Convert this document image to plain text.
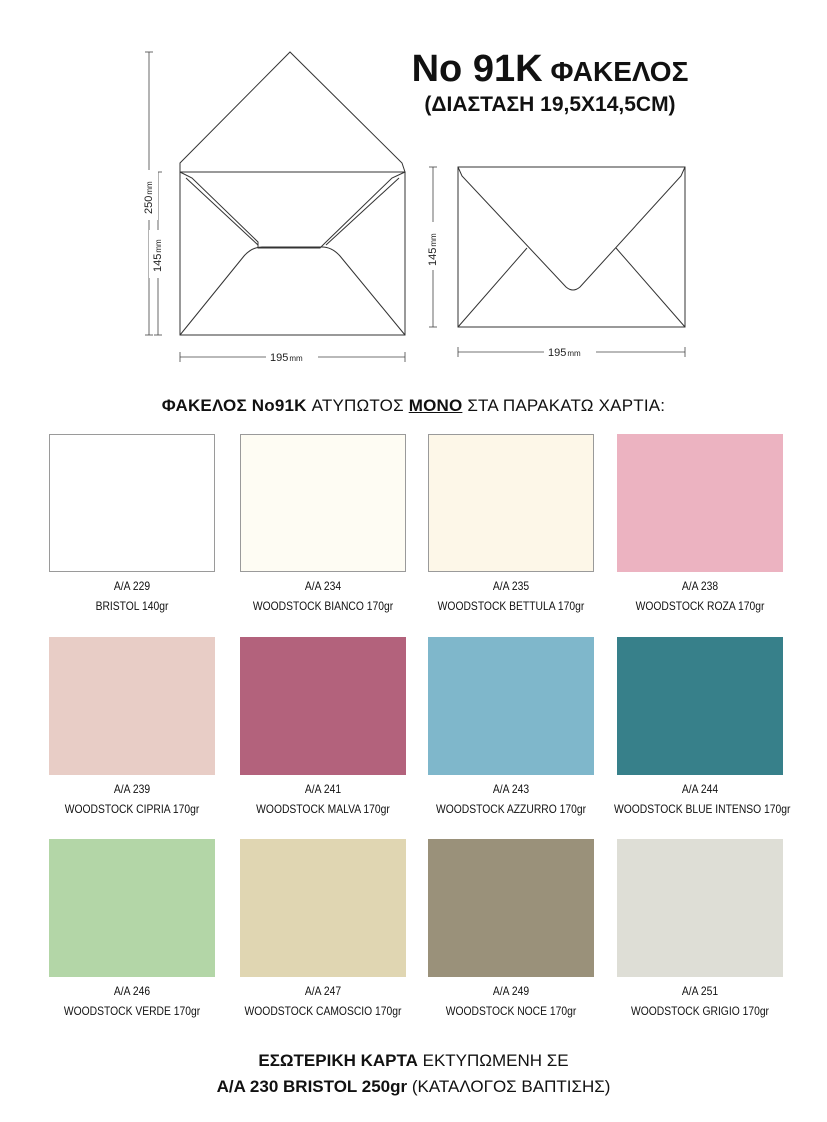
No 91K ΦΑΚΕΛΟΣ
(ΔΙΑΣΤΑΣΗ 19,5X14,5CM)
250mm
145mm
195mm
145mm
195mm
ΦΑΚΕΛΟΣ No91K ΑΤΥΠΩΤΟΣ ΜΟΝΟ ΣΤΑ ΠΑΡΑΚΑΤΩ ΧΑΡΤΙΑ:
A/A 229
BRISTOL 140gr
A/A 234
WOODSTOCK BIANCO 170gr
A/A 235
WOODSTOCK BETTULA 170gr
A/A 238
WOODSTOCK ROZA 170gr
A/A 239
WOODSTOCK CIPRIA 170gr
A/A 241
WOODSTOCK MALVA 170gr
A/A 243
WOODSTOCK AZZURRO 170gr
A/A 244
WOODSTOCK BLUE INTENSO 170gr
A/A 246
WOODSTOCK VERDE 170gr
A/A 247
WOODSTOCK CAMOSCIO 170gr
A/A 249
WOODSTOCK NOCE 170gr
A/A 251
WOODSTOCK GRIGIO 170gr
ΕΣΩΤΕΡΙΚΗ ΚΑΡΤΑ ΕΚΤΥΠΩΜΕΝΗ ΣΕ
A/A 230 BRISTOL 250gr (ΚΑΤΑΛΟΓΟΣ ΒΑΠΤΙΣΗΣ)
